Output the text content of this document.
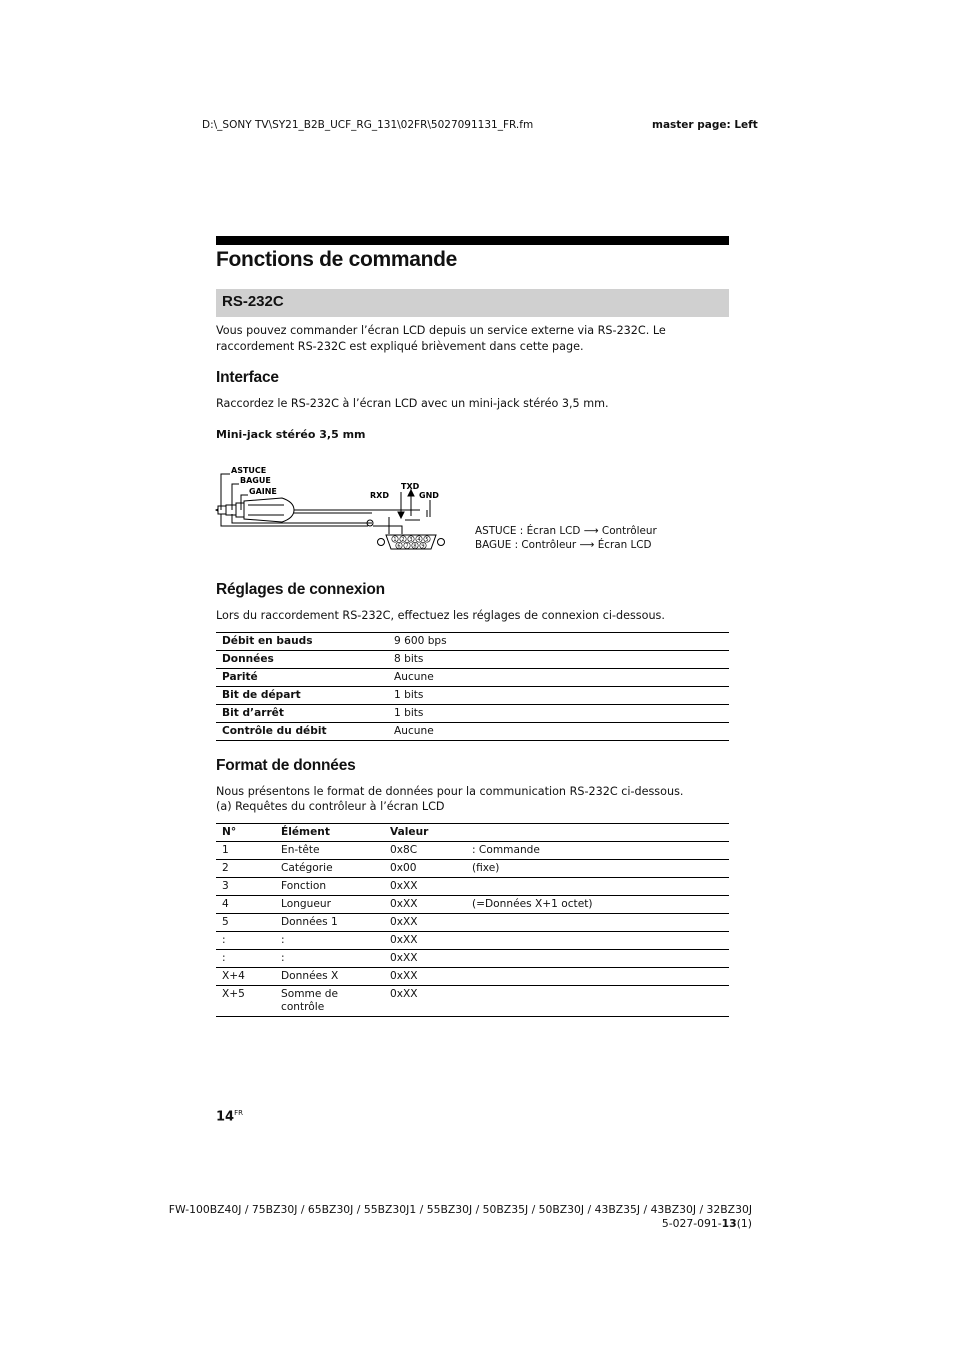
D:\_SONY TV\SY21_B2B_UCF_RG_131\02FR\5027091131_FR.fm	master page: Left
Fonctions de commande
RS-232C
Vous pouvez commander l’écran LCD depuis un service externe via RS-232C. Le raccordement RS-232C est expliqué brièvement dans cette page.
Interface
Raccordez le RS-232C à l’écran LCD avec un mini-jack stéréo 3,5 mm.
Mini-jack stéréo 3,5 mm
ASTUCE
BAGUE
GAINE	RXD
TXD
GND
1 2 3 4 5
6 7 8 9
ASTUCE : Écran LCD ⟶ Contrôleur
BAGUE : Contrôleur ⟶ Écran LCD
Réglages de connexion
Lors du raccordement RS-232C, effectuez les réglages de connexion ci-dessous.
Débit en bauds	9 600 bps
Données	8 bits
Parité	Aucune
Bit de départ	1 bits
Bit d’arrêt	1 bits
Contrôle du débit	Aucune
Format de données
Nous présentons le format de données pour la communication RS-232C ci-dessous.
(a) Requêtes du contrôleur à l’écran LCD
N°	Élément	Valeur	
1	En-tête	0x8C	: Commande
2	Catégorie	0x00	(fixe)
3	Fonction	0xXX	
4	Longueur	0xXX	(=Données X+1 octet)
5	Données 1	0xXX	
:	:	0xXX	
:	:	0xXX	
X+4	Données X	0xXX	
X+5	Somme de contrôle	0xXX	
$14^{FR}$
FW-100BZ40J / 75BZ30J / 65BZ30J / 55BZ30J1 / 55BZ30J / 50BZ35J / 50BZ30J / 43BZ35J / 43BZ30J / 32BZ30J
5-027-091-13(1)
